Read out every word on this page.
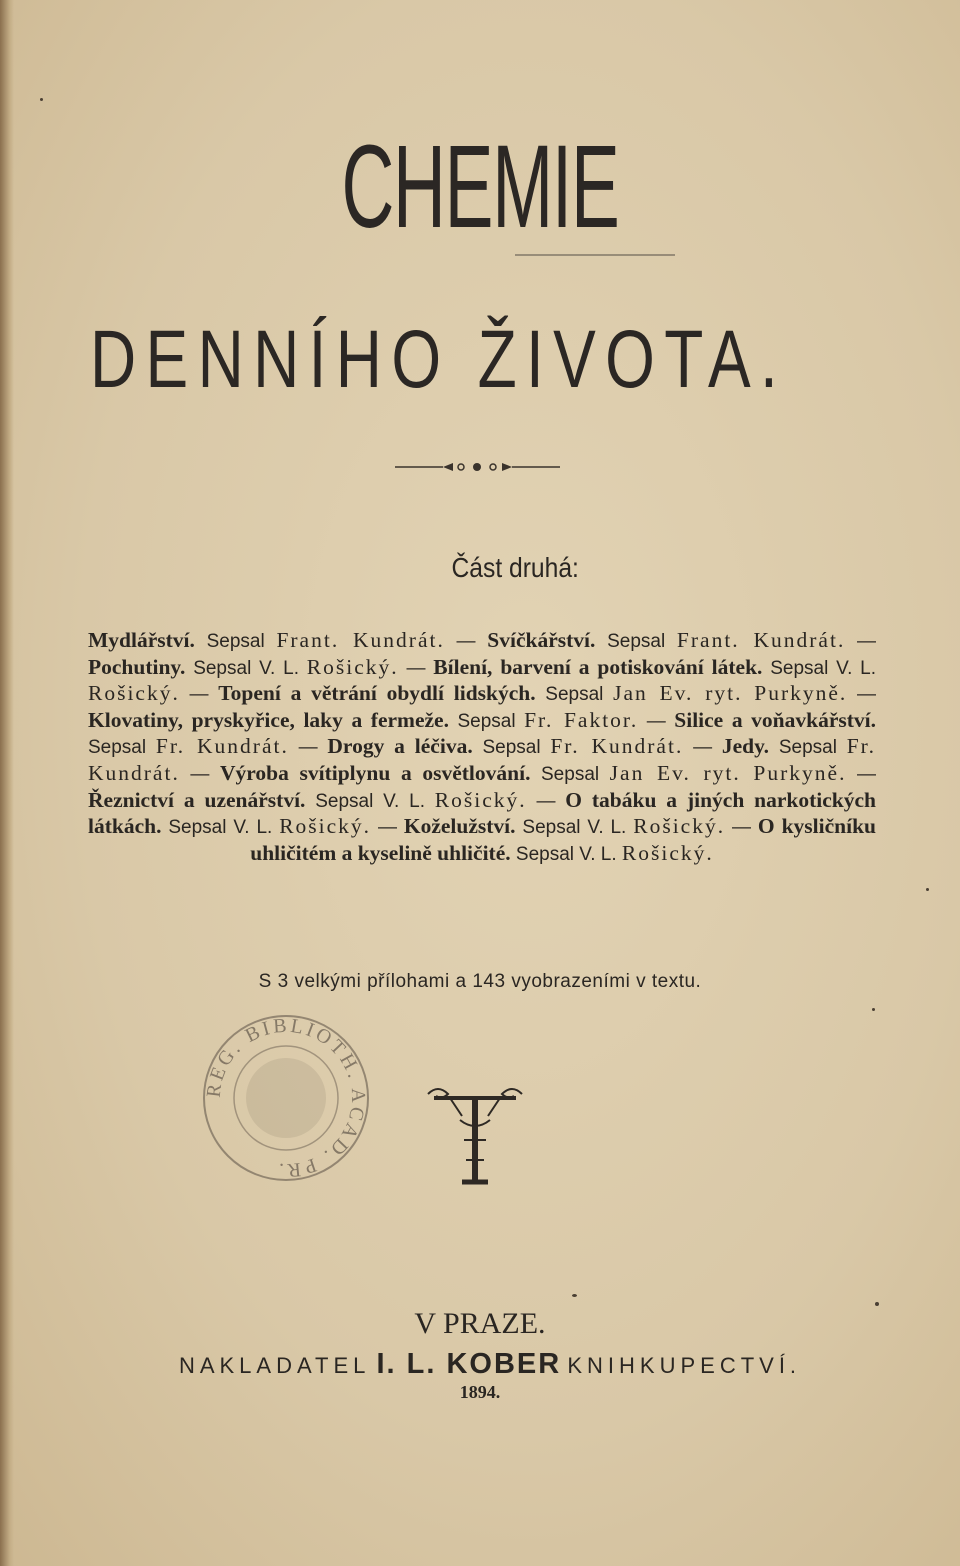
CHEMIE
DENNÍHO ŽIVOTA.
Část druhá:
Mydlářství. Sepsal Frant. Kundrát. — Svíčkářství. Sepsal Frant. Kundrát. — Pochutiny. Sepsal V. L. Rošický. — Bílení, barvení a potiskování látek. Sepsal V. L. Rošický. — Topení a větrání obydlí lidských. Sepsal Jan Ev. ryt. Purkyně. — Klovatiny, pryskyřice, laky a fermeže. Sepsal Fr. Faktor. — Silice a voňavkářství. Sepsal Fr. Kundrát. — Drogy a léčiva. Sepsal Fr. Kundrát. — Jedy. Sepsal Fr. Kundrát. — Výroba svítiplynu a osvětlování. Sepsal Jan Ev. ryt. Purkyně. — Řeznictví a uzenářství. Sepsal V. L. Rošický. — O tabáku a jiných narkotických látkách. Sepsal V. L. Rošický. — Koželužství. Sepsal V. L. Rošický. — O kysličníku uhličitém a kyselině uhličité. Sepsal V. L. Rošický.
S 3 velkými přílohami a 143 vyobrazeními v textu.
REG. BIBLIOTH. ACAD. PR.
V PRAZE.
NAKLADATEL I. L. KOBER KNIHKUPECTVÍ.
1894.
